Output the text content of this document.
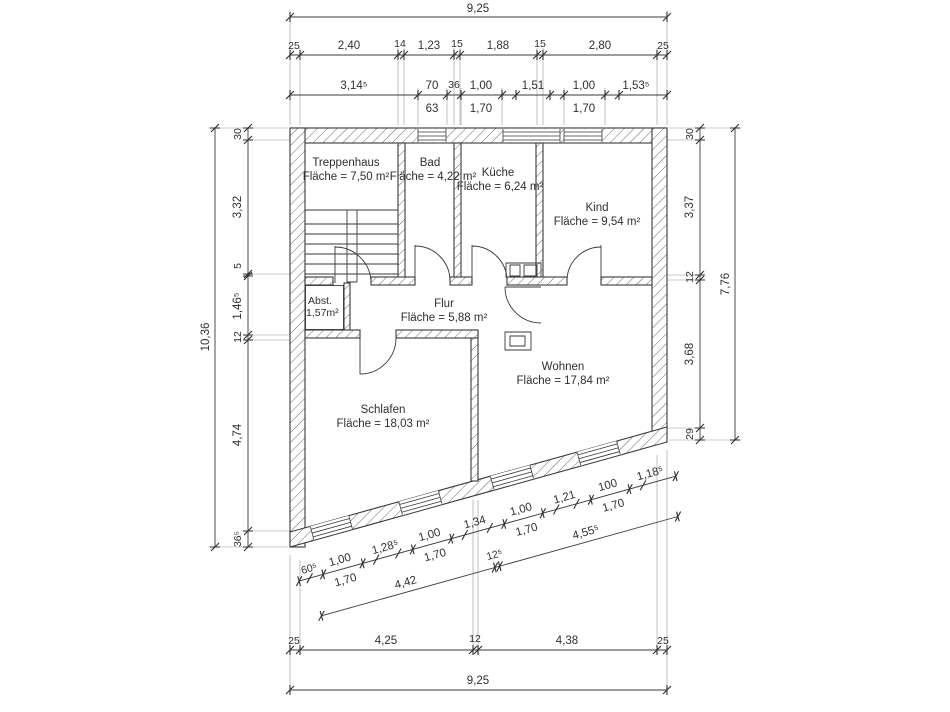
Treppenhaus
Fläche = 7,50 m²
Bad
Fläche = 4,22 m² Küche
Fläche = 6,24 m²
Kind
Fläche = 9,54 m²
Abst.
1,57m²
Flur
Fläche = 5,88 m²
Wohnen
Fläche = 17,84 m²
Schlafen
Fläche = 18,03 m²
9,25
25	2,40	14 1,23 15 1,88 15	2,80	25
3,14⁵	70 36 1,00	1,51 1,00 1,53⁵
63	1,70	1,70
10,36
30
3,32
5
1,46⁵
12
4,74
36⁵
30
3,37
12
3,68
29
7,76
60⁵ 1,00
1,28⁵
1,00
1,34
1,00
1,21
100
1,18⁵
1,70
1,70
1,70
1,70
4,42
12⁵
4,55⁵
25	4,25	12	4,38	25
9,25
